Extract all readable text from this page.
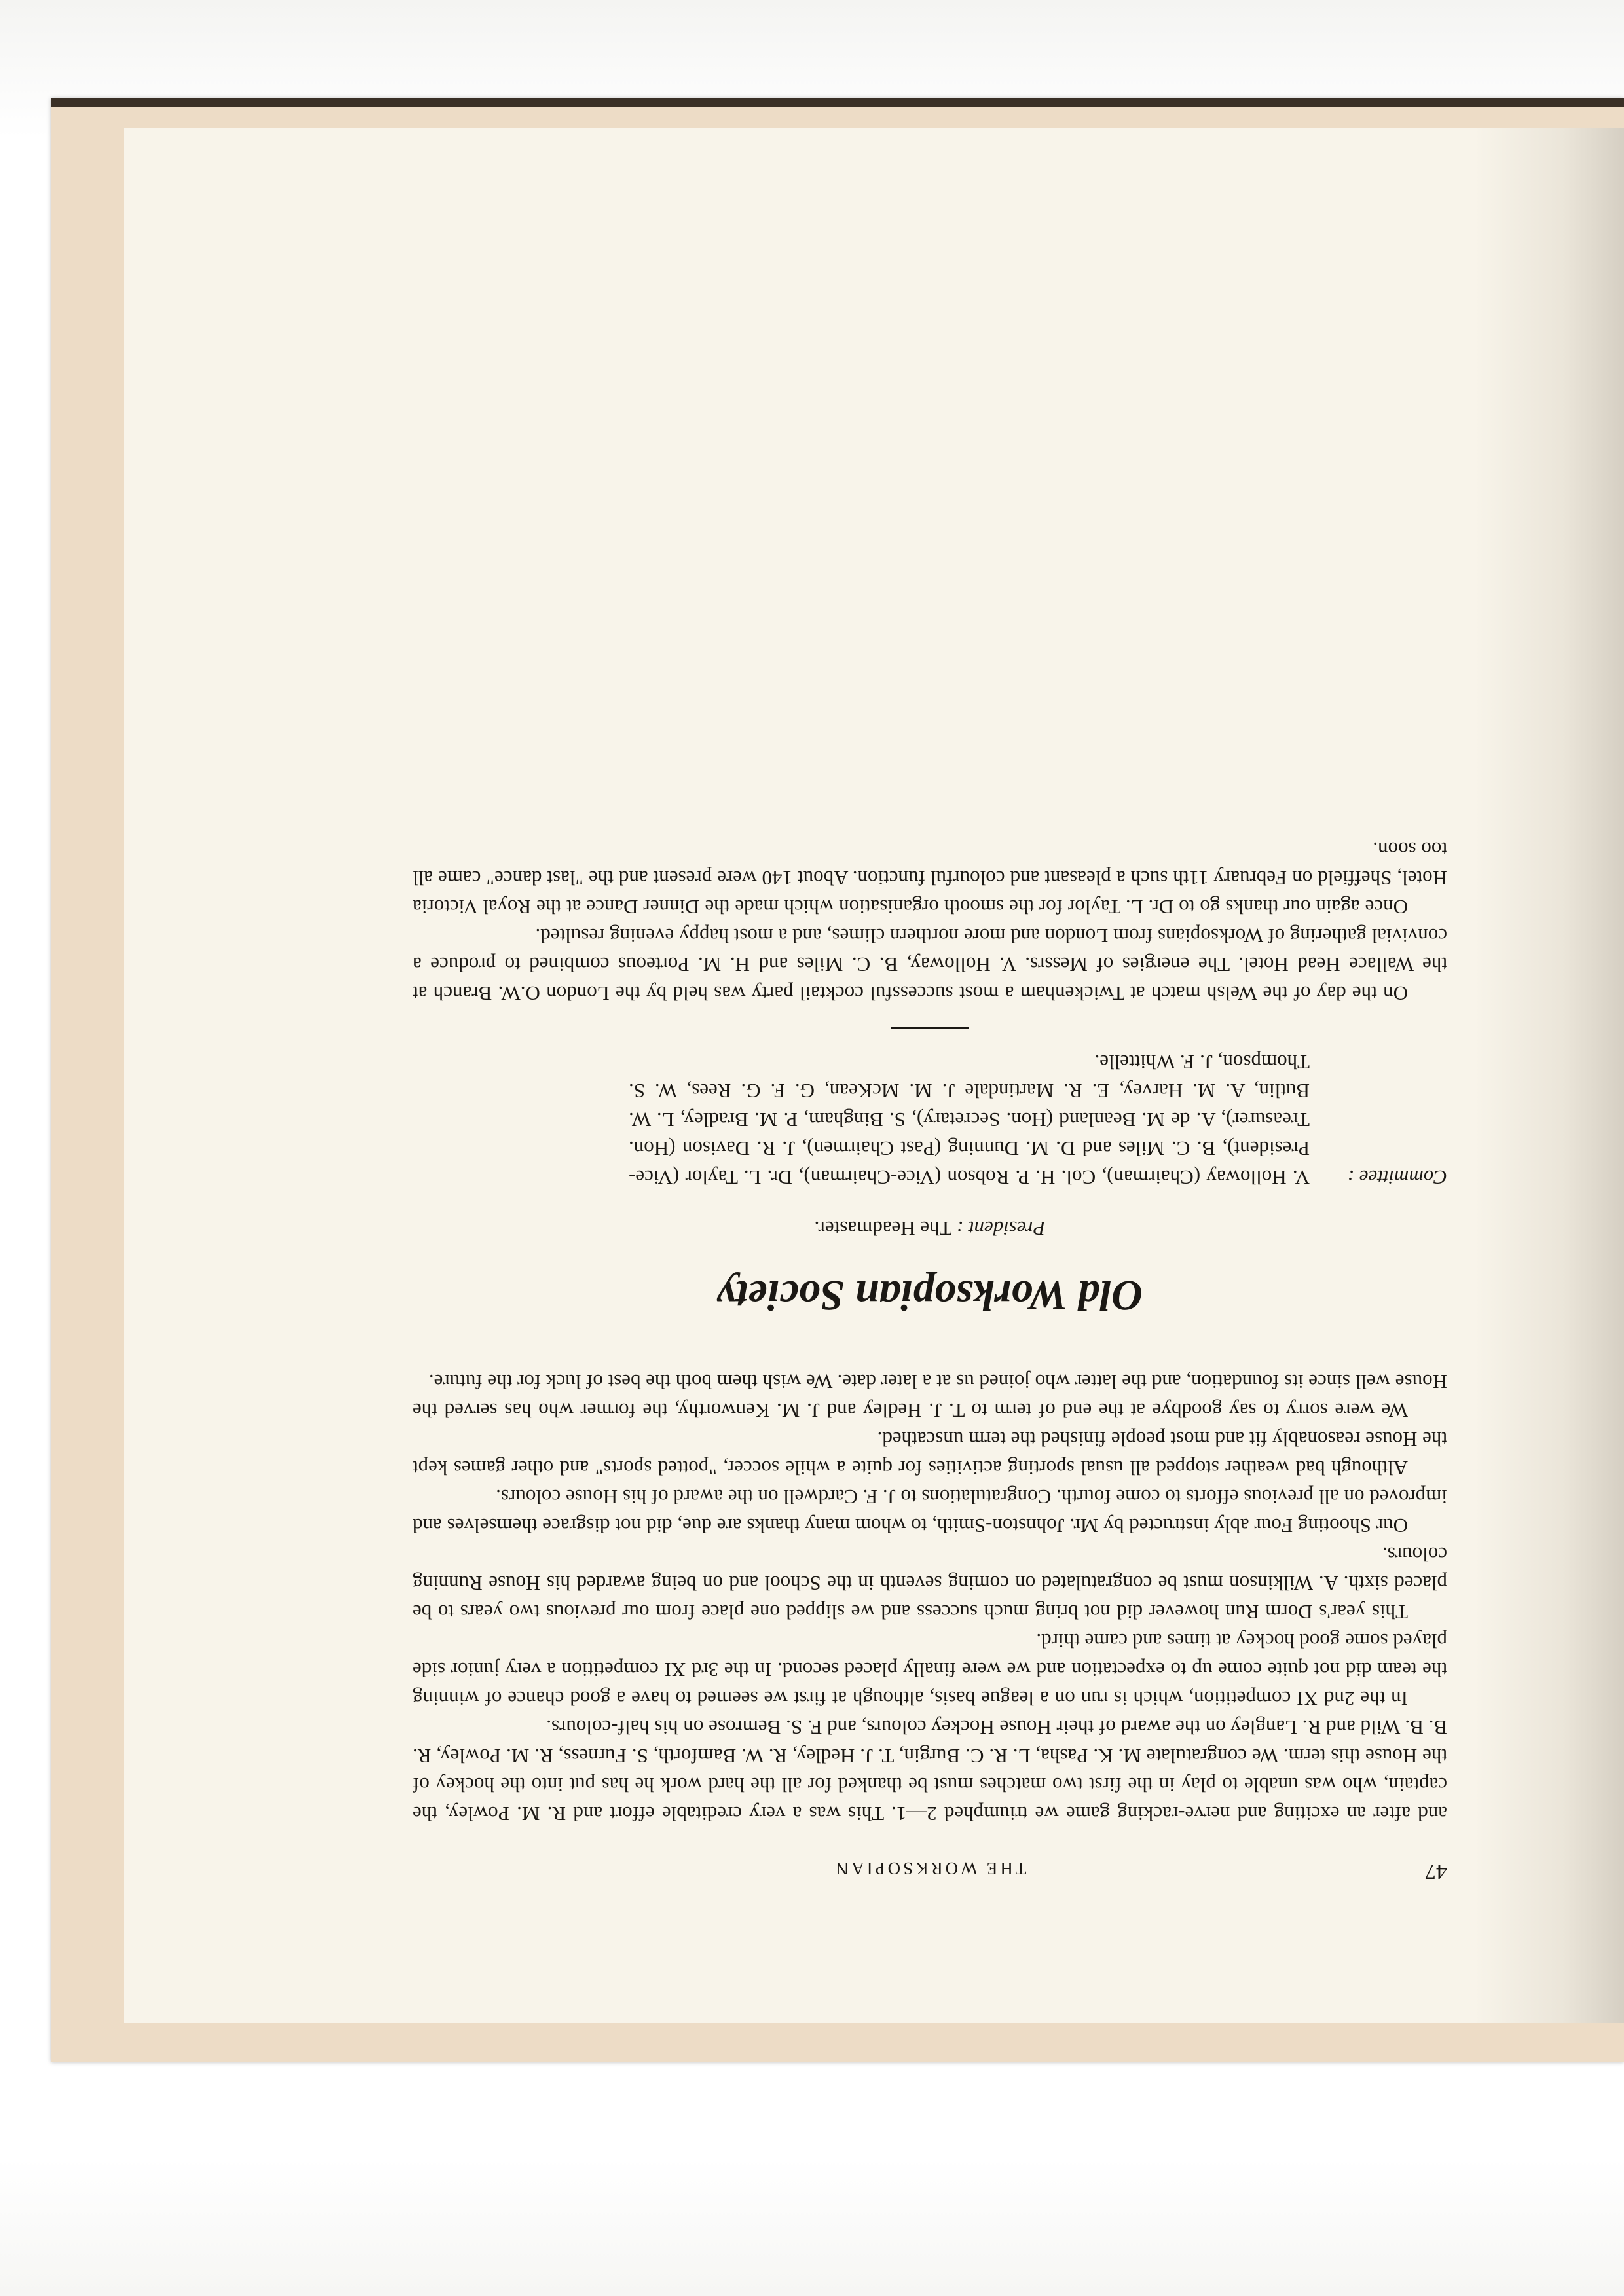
47
THE WORKSOPIAN

and after an exciting and nerve-racking game we triumphed 2—1. This was a very creditable effort and R. M. Powley, the captain, who was unable to play in the first two matches must be thanked for all the hard work he has put into the hockey of the House this term. We congratulate M. K. Pasha, L. R. C. Burgin, T. J. Hedley, R. W. Bamforth, S. Furness, R. M. Powley, R. B. B. Wild and R. Langley on the award of their House Hockey colours, and F. S. Bemrose on his half-colours.

In the 2nd XI competition, which is run on a league basis, although at first we seemed to have a good chance of winning the team did not quite come up to expectation and we were finally placed second. In the 3rd XI competition a very junior side played some good hockey at times and came third.

This year's Dorm Run however did not bring much success and we slipped one place from our previous two years to be placed sixth. A. Wilkinson must be congratulated on coming seventh in the School and on being awarded his House Running colours.

Our Shooting Four ably instructed by Mr. Johnston-Smith, to whom many thanks are due, did not disgrace themselves and improved on all previous efforts to come fourth. Congratulations to J. F. Cardwell on the award of his House colours.

Although bad weather stopped all usual sporting activities for quite a while soccer, "potted sports" and other games kept the House reasonably fit and most people finished the term unscathed.

We were sorry to say goodbye at the end of term to T. J. Hedley and J. M. Kenworthy, the former who has served the House well since its foundation, and the latter who joined us at a later date. We wish them both the best of luck for the future.

Old Worksopian Society
President : The Headmaster.
Committee :
V. Holloway (Chairman), Col. H. P. Robson (Vice-Chairman), Dr. L. Taylor (Vice-President), B. C. Miles and D. M. Dunning (Past Chairmen), J. R. Davison (Hon. Treasurer), A. de M. Beanland (Hon. Secretary), S. Bingham, P. M. Bradley, L. W. Butlin, A. M. Harvey, E. R. Martindale J. M. McKean, G. F. G. Rees, W. S. Thompson, J. F. Whittelle.

On the day of the Welsh match at Twickenham a most successful cocktail party was held by the London O.W. Branch at the Wallace Head Hotel. The energies of Messrs. V. Holloway, B. C. Miles and H. M. Porteous combined to produce a convivial gathering of Worksopians from London and more northern climes, and a most happy evening resulted.

Once again our thanks go to Dr. L. Taylor for the smooth organisation which made the Dinner Dance at the Royal Victoria Hotel, Sheffield on February 11th such a pleasant and colourful function. About 140 were present and the "last dance" came all too soon.
